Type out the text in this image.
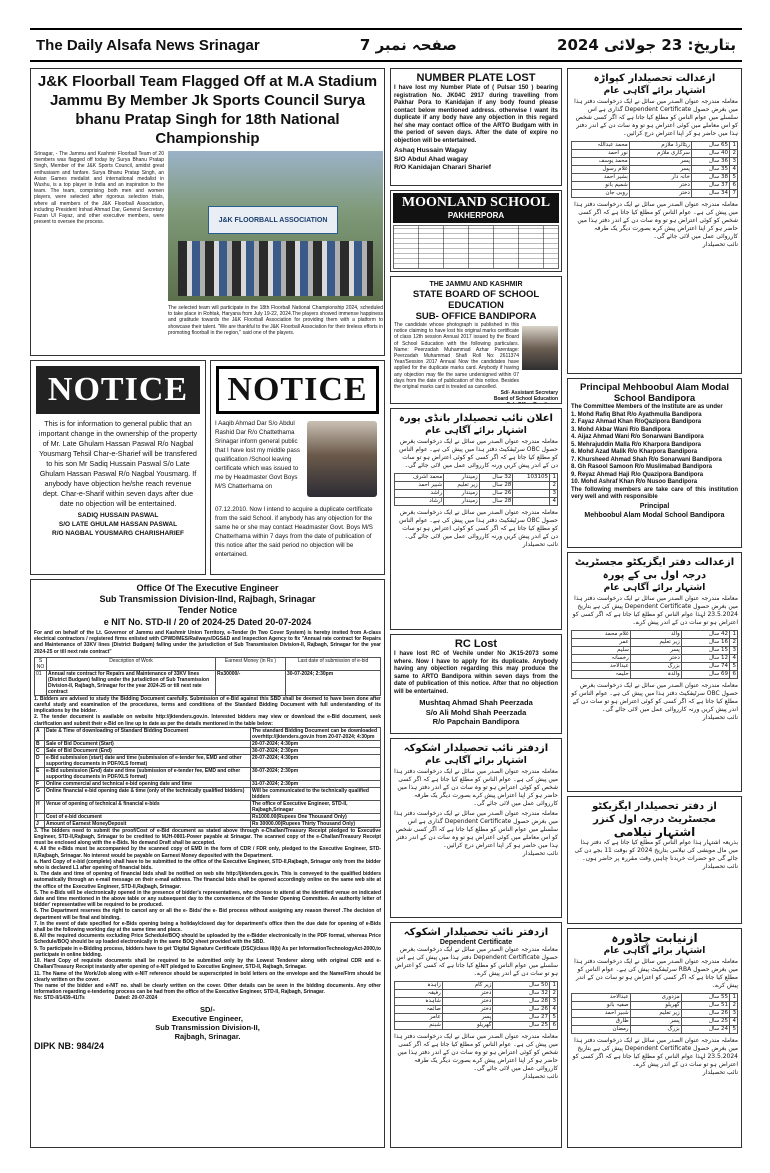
The Daily Alsafa News Srinagar	صفحہ نمبر 7	بتاریخ: 23 جولائی 2024
J&K Floorball Team Flagged Off at M.A Stadium Jammu By Member Jk Sports Council Surya bhanu Pratap Singh for 18th National Championship
Srinagar, - The Jammu and Kashmir Floorball Team of 20 members was flagged off today by Surya Bhanu Pratap Singh, Member of the J&K Sports Council, amidst great enthusiasm and fanfare. Surya Bhanu Pratap Singh, an Asian Games medalist and international medalist in Wushu, is a top player in India and an inspiration to the team. The team, comprising both men and women players, were selected after rigorous selection trials, where all members of the J&K Floorball Association, including President Irshad Ahmad Dar, General Secretary Fazan Ul Fayaz, and other executive members, were present to oversee the process.	J&K FLOORBALL ASSOCIATION
The selected team will participate in the 18th Floorball National Championship 2024, scheduled to take place in Rohtak, Haryana from July 19-22, 2024.The players showed immense happiness and gratitude towards the J&K Floorball Association for providing them with a platform to showcase their talent. "We are thankful to the J&K Floorball Association for their tireless efforts in promoting floorball in the region," said one of the players.
NOTICE
This is for information to general public that an important change in the ownership of the property of Mr. Late Ghulam Hassan Paswal R/o Nagbal Yousmarg Tehsil Char-e-Sharief will be transfered to his son Mr Sadiq Hussain Paswal S/o Late Ghulam Hassan Paswal R/o Nagbal Yousmarg. If anybody have objection he/she reach revenue dept. Char-e-Sharif within seven days after due date no objection will be entertained.
SADIQ HUSSAIN PASWAL
S/O LATE GHULAM HASSAN PASWAL
R/O NAGBAL YOUSMARG CHARISHARIEF
NOTICE
I Aaqib Ahmad Dar S/o Abdul Rashid Dar R/o Chattethama Srinagar inform general public that I have lost my middle pass qualification /School leaving certificate which was issued to me by Headmaster Govt Boys M/S Chatterhama on
07.12.2010. Now I intend to acquire a duplicate certificate from the said School. if anybody has any objection for the same he or she may contact Headmaster Govt. Boys M/S Chatterhama within 7 days from the date of publication of this notice after the said period no objection will be entertained.
Office Of The Executive Engineer
Sub Transmission Division-IInd, Rajbagh, Srinagar
Tender Notice
e NIT No. STD-II / 20 of 2024-25 Dated 20-07-2024
For and on behalf of the Lt. Governor of Jammu and Kashmir Union Territory, e-Tender (In Two Cover System) is hereby invited from A-class electrical contractors / registered firms enlisted with CPWD/MES/Railways/DGS&D and Inspection Agency to fix "Annual rate contract for Repairs and Maintenance of 33KV lines (District Budgam) falling under the jurisdiction of Sub Transmission Division-II, Rajbagh, Srinagar for the year 2024-25 or till next rate contract"
S NO	Description of Work	Earnest Money (in Rs )	Last date of submission of e-bid
01	Annual rate contract for Repairs and Maintenance of 33KV lines (District Budgam) falling under the jurisdiction of Sub Transmission Division-II, Rajbagh, Srinagar for the year 2024-25 or till next rate contract	Rs30000/-	30-07-2024; 2:30pm
1. Bidders are advised to study the Bidding Document carefully. Submission of e-Bid against this SBD shall be deemed to have been done after careful study and examination of the procedures, terms and conditions of the Standard Bidding Document with full understanding of its implications by the bidder.
2. The tender document is available on website http://jktenders.gov.in. Interested bidders may view or download the e-Bid document, seek clarification and submit their e-Bid on line up to date as per the details mentioned in the table below:
A	Date & Time of downloading of Standard Bidding Document	The standard Bidding Document can be downloaded overhttp://jktenders.gov.in from 20-07-2024; 4:30pm
B	Sale of Bid Document (Start)	20-07-2024; 4:30pm
C	Sale of Bid Document (End)	30-07-2024; 2:30pm
D	e-Bid submission (start) date and time (submission of e-tender fee, EMD and other supporting documents in PDF/XLS format)	20-07-2024; 4:30pm
E	e-Bid submission (End) date and time (submission of e-tender fee, EMD and other supporting documents in PDF/XLS format)	30-07-2024; 2:30pm
F	Online commercial and technical e-bid opening date and time	31-07-2024; 2:30pm
G	Online financial e-bid opening date & time (only of the technically qualified bidders)	Will be communicated to the technically qualified bidders
H	Venue of opening of technical & financial e-bids	The office of Executive Engineer, STD-II, Rajbagh,Srinagar
I	Cost of e-bid document	Rs1000.00(Rupees One Thousand Only)
J	Amount of Earnest MoneyDeposit	Rs 30000.00(Rupees Thirty Thousand Only)
3. The bidders need to submit the proof/Cost of e-Bid document as stated above through e-Challan/Treasury Receipt pledged to Executive Engineer, STD-II,Rajbagh, Srinagar to be credited to MJH-0801-Power payable at Srinagar. The scanned copy of the e-Challan/Treasury Receipt must be enclosed along with the e-Bids. No demand Draft shall be accepted.
4. All the e-Bids must be accompanied by the scanned copy of EMD in the form of CDR / FDR only, pledged to the Executive Engineer, STD-II,Rajbagh, Srinagar. No interest would be payable on Earnest Money deposited with the Department.
a. Hard Copy of e-bid (complete) shall have to be submitted to the office of the Executive Engineer, STD-II,Rajbagh, Srinagar only from the bidder who is declared L1 after opening of financial bids.
b. The date and time of opening of financial bids shall be notified on web site http://jktenders.gov.in. This is conveyed to the qualified bidders automatically through an e-mail message on their e-mail address. The financial bids shall be opened accordingly online on the same web site at the office of the Executive Engineer, STD-II,Rajbagh, Srinagar.
5. The e-Bids will be electronically opened in the presence of bidder's representatives, who choose to attend at the identified venue on indicated date and time mentioned in the above table or any subsequent day to the convenience of the Tender Opening Committee. An authority letter of bidder' representative will be required to be produced.
6. The Department reserves the right to cancel any or all the e- Bids/ the e- Bid process without assigning any reason thereof .The decision of department will be final and binding.
7. In the event of date specified for e-Bids opening being a holiday/closed day for department's office then the due date for opening of e-Bids shall be the following working day at the same time and place.
8. All the required documents excluding Price Schedule/BOQ should be uploaded by the e-Bidder electronically in the PDF format, whereas Price Schedule/BOQ should be up loaded electronically in the same BOQ sheet provided with the SBD.
9. To participate in e-Bidding process, bidders have to get 'Digital Signature Certificate (DSC)/class III(b) As per InformationTechnologyAct-2000,to participate in online bidding.
10. Hard Copy of requisite documents shall be required to be submitted only by the Lowest Tenderer along with original CDR and e-Challan/Treasury Receipt instantly after opening of e-NIT pledged to Executive Engineer, STD-II, Rajbagh, Srinagar.
11. The Name of the Work/Job along with e-NIT reference should be superscripted in bold letters on the envelope and the Name/Firm should be clearly written on the cover.
The name of the bidder and e-NIT no. shall be clearly written on the cover. Other details can be seen in the bidding documents. Any other information regarding e-tendering process can be had from the office of the Executive Engineer, STD-II, Rajbagh, Srinagar.
No: STD-II/1439-41/Ts	Dated: 20-07-2024
SD/-
Executive Engineer,
Sub Transmission Division-II,
Rajbagh, Srinagar.
DIPK NB: 984/24
NUMBER PLATE LOST
I have lost my Number Plate of ( Pulsar 150 ) bearing registration No. JK04C 2917 during travelling from Pakhar Pora to Kanidajan if any body found please contact below mentioned address. otherwise I want its duplicate if any body have any objection in this regard he/ she may contact office of the ARTO Budgam with in the period of seven days. After the date of expire no objection will be entertained.
Ashaq Hussain Wagay
S/O Abdul Ahad wagay
R/O Kanidajan Charari Sharief
MOONLAND SCHOOL
PAKHERPORA
THE JAMMU AND KASHMIR
STATE BOARD OF SCHOOL EDUCATION
SUB- OFFICE BANDIPORA
The candidate whose photograph is published in this notice claiming to have lost his original marks certificate of class 12th session Annual 2017 issued by the Board of School Education with the following particulars. Name: Peerzadah Muhammad Azhar Parentage: Peerzadah Muhammad Shafi Roll No: 2611374 Year/Session 2017 Annual Now the candidates have applied for the duplicate marks card. Anybody if having any objection may file the same undersigned within 07 days from the date of publication of this notice. Besides the original marks card is treated as cancelled.
Sd/- Assistant Secretary
Board of School Education
اعلان نائب تحصیلدار بانڈی پورہ
اشتہار برائے آگاہی عام
معاملہ مندرجہ عنوان الصدر میں سائل نے ایک درخواست بغرض حصول OBC سرٹیفکیٹ دفتر ہذا میں پیش کی ہے۔ عوام الناس کو مطلع کیا جاتا ہے کہ اگر کسی کو کوئی اعتراض ہو تو سات دن کے اندر پیش کریں ورنہ کارروائی عمل میں لائی جائے گی۔
محمد اشرف	زمیندار	32 سال	103105	1
شبیر احمد	زیر تعلیم	28 سال		2
راشد	زمیندار	26 سال		3
ارشاد	زمیندار	28 سال		4
معاملہ مندرجہ عنوان الصدر میں سائل نے ایک درخواست بغرض حصول OBC سرٹیفکیٹ دفتر ہذا میں پیش کی ہے۔ عوام الناس کو مطلع کیا جاتا ہے کہ اگر کسی کو کوئی اعتراض ہو تو سات دن کے اندر پیش کریں ورنہ کارروائی عمل میں لائی جائے گی۔
نائب تحصیلدار
RC Lost
I have lost RC of Vechile under No JK15-2073 some where. Now I have to apply for its duplicate. Anybody having any objection regarding this may produce the same to ARTO Bandipora within seven days from the date of publication of this notice. After that no objection will be entertained.
Mushtaq Ahmad Shah Peerzada
S/o Ali Mohd Shah Peerzada
R/o Papchain Bandipora
ازدفتر نائب تحصیلدار اشکوکہ
اشتہار برائے آگاہی عام
معاملہ مندرجہ عنوان الصدر میں سائل نے ایک درخواست دفتر ہذا میں پیش کی ہے۔ عوام الناس کو مطلع کیا جاتا ہے کہ اگر کسی شخص کو کوئی اعتراض ہو تو وہ سات دن کے اندر دفتر ہذا میں حاضر ہو کر اپنا اعتراض پیش کرے بصورت دیگر یک طرفہ کارروائی عمل میں لائی جائے گی۔
معاملہ مندرجہ عنوان الصدر میں سائل نے ایک درخواست دفتر ہذا میں بغرض حصول Dependent Certificate گذاری ہے اس سلسلے میں عوام الناس کو مطلع کیا جاتا ہے کہ اگر کسی شخص کو اس معاملے میں کوئی اعتراض ہو تو وہ سات دن کے اندر دفتر ہذا میں حاضر ہو کر اپنا اعتراض درج کرائیں۔
نائب تحصیلدار
ازدفتر نائب تحصیلدار اشکوکہ
Dependent Certificate
معاملہ مندرجہ عنوان الصدر میں سائل نے ایک درخواست بغرض حصول Dependent Certificate دفتر ہذا میں پیش کی ہے اس سلسلے میں عوام الناس کو مطلع کیا جاتا ہے کہ کسی کو اعتراض ہو تو سات دن کے اندر پیش کرے۔
زاہدہ	زیر کام	50 سال	1
رفیقہ	دختر	32 سال	2
شاہدہ	دختر	28 سال	3
صائمہ	دختر	26 سال	4
عامر	پسر	27 سال	5
شبنم	گھریلو	25 سال	6
معاملہ مندرجہ عنوان الصدر میں سائل نے ایک درخواست دفتر ہذا میں پیش کی ہے۔ عوام الناس کو مطلع کیا جاتا ہے کہ اگر کسی شخص کو کوئی اعتراض ہو تو وہ سات دن کے اندر دفتر ہذا میں حاضر ہو کر اپنا اعتراض پیش کرے بصورت دیگر یک طرفہ کارروائی عمل میں لائی جائے گی۔
نائب تحصیلدار
ازعدالت تحصیلدار کپواڑہ
اشتہار برائے آگاہی عام
معاملہ مندرجہ عنوان الصدر میں سائل نے ایک درخواست دفتر ہذا میں بغرض حصول Dependent Certificate گذاری ہے اس سلسلے میں عوام الناس کو مطلع کیا جاتا ہے کہ اگر کسی شخص کو اس معاملے میں کوئی اعتراض ہو تو وہ سات دن کے اندر دفتر ہذا میں حاضر ہو کر اپنا اعتراض درج کرائیں۔
محمد عبداللہ	ریٹائرڈ ملازم	65 سال	1
نور احمد	سرکاری ملازم	40 سال	2
محمد یوسف	پسر	36 سال	3
غلام رسول	پسر	35 سال	4
بشیر احمد	خانہ دار	38 سال	5
شمیم بانو	دختر	37 سال	6
روبی جان	دختر	34 سال	7
معاملہ مندرجہ عنوان الصدر میں سائل نے ایک درخواست دفتر ہذا میں پیش کی ہے۔ عوام الناس کو مطلع کیا جاتا ہے کہ اگر کسی شخص کو کوئی اعتراض ہو تو وہ سات دن کے اندر دفتر ہذا میں حاضر ہو کر اپنا اعتراض پیش کرے بصورت دیگر یک طرفہ کارروائی عمل میں لائی جائے گی۔
نائب تحصیلدار
Principal Mehboobul Alam Modal School Bandipora
The Committee Members of the Institute are as under
1. Mohd Rafiq Bhat R/o Ayathmulla Bandipora
2. Fayaz Ahmad Khan R/oQazipora Bandipora
3. Mohd Akbar Wani R/o Bandipora
4. Aijaz Ahmad Wani R/o Sonarwani Bandipora
5. Mehrajuddin Malla R/o Kharpora Bandipora
6. Mohd Azad Malik R/o Kharpora Bandipora
7. Khursheed Ahmad Shah R/o Sonarwani Bandipora
8. Gh Rasool Samoon R/o Muslimabad Bandipora
9. Reyaz Ahmad Haji R/o Quazipora Bandipora
10. Mohd Ashraf Khan R/o Nusoo Bandipora
The following members are take care of this institution very well and with responsible
Principal
Mehboobul Alam Modal School Bandipora
ازعدالت دفتر ایگزیکٹو مجسٹریٹ درجہ اول بی کے پورہ
اشتہار برائے آگاہی عام
معاملہ مندرجہ عنوان الصدر میں سائل نے ایک درخواست دفتر ہذا میں بغرض حصول Dependent Certificate پیش کی ہے بتاریخ 23.5.2024 لہذا عوام الناس کو مطلع کیا جاتا ہے کہ اگر کسی کو اعتراض ہو تو سات دن کے اندر پیش کرے۔
غلام محمد	والد	42 سال	1
عمر	زیر تعلیم	16 سال	2
سلیم	پسر	15 سال	3
رخسانہ	دختر	12 سال	4
عبدالاحد	بزرگ	74 سال	5
حلیمہ	والدہ	69 سال	6
معاملہ مندرجہ عنوان الصدر میں سائل نے ایک درخواست بغرض حصول OBC سرٹیفکیٹ دفتر ہذا میں پیش کی ہے۔ عوام الناس کو مطلع کیا جاتا ہے کہ اگر کسی کو کوئی اعتراض ہو تو سات دن کے اندر پیش کریں ورنہ کارروائی عمل میں لائی جائے گی۔
نائب تحصیلدار
از دفتر تحصیلدار ایگزیکٹو مجسٹریٹ درجہ اول کنزر
اشتہار نیلامی
بذریعہ اشتہار ہذا عوام الناس کو مطلع کیا جاتا ہے کہ دفتر ہذا میں مال مویشی کی نیلامی بتاریخ 2024 کو بوقت 11 بجے دن کی جائے گی جو حضرات خریدنا چاہیں وقت مقررہ پر حاضر ہوں۔
نائب تحصیلدار
ازنیابت چاڈورہ
اشتہار برائے آگاہی عام
معاملہ مندرجہ عنوان الصدر میں سائل نے ایک درخواست دفتر ہذا میں بغرض حصول RBA سرٹیفکیٹ پیش کی ہے۔ عوام الناس کو مطلع کیا جاتا ہے کہ اگر کسی کو اعتراض ہو تو سات دن کے اندر پیش کرے۔
عبدالاحد	مزدوری	55 سال	1
صفیہ بانو	گھریلو	51 سال	2
شبیر احمد	زیر تعلیم	26 سال	3
طارق	پسر	25 سال	4
رمضان	بزرگ	24 سال	5
معاملہ مندرجہ عنوان الصدر میں سائل نے ایک درخواست دفتر ہذا میں بغرض حصول Dependent Certificate پیش کی ہے بتاریخ 23.5.2024 لہذا عوام الناس کو مطلع کیا جاتا ہے کہ اگر کسی کو اعتراض ہو تو سات دن کے اندر پیش کرے۔
نائب تحصیلدار
